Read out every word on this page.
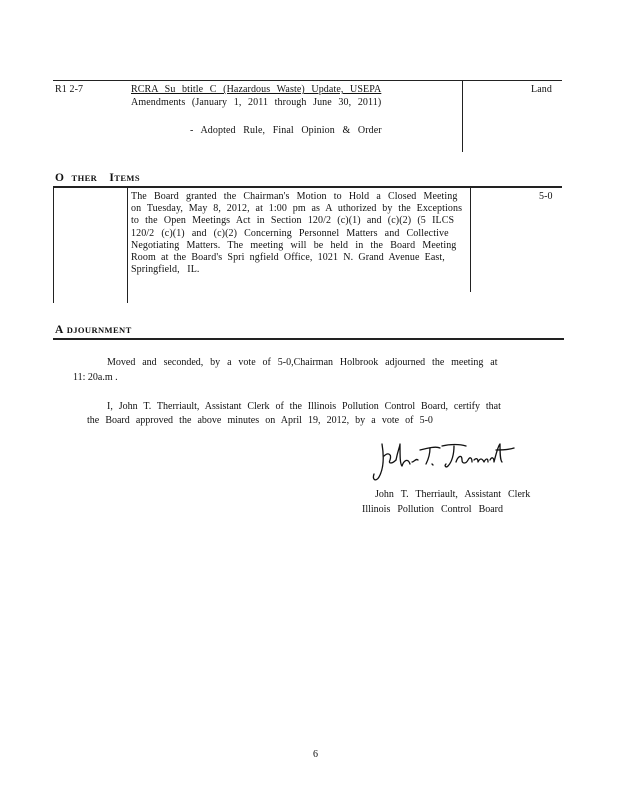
R1 2-7	RCRA Su btitle C (Hazardous Waste) Update, USEPA
Amendments (January 1, 2011 through June 30, 2011)
- Adopted Rule, Final Opinion & Order
Land
O THER ITEMS
The Board granted the Chairman's Motion to Hold a Closed Meeting
on Tuesday, May 8, 2012, at 1:00 pm as A uthorized by the Exceptions
to the Open Meetings Act in Section 120/2 (c)(1) and (c)(2) (5 ILCS
120/2 (c)(1) and (c)(2) Concerning Personnel Matters and Collective
Negotiating Matters. The meeting will be held in the Board Meeting
Room at the Board's Spri ngfield Office, 1021 N. Grand Avenue East,
Springfield, IL.
5-0
A DJOURNMENT
Moved and seconded, by a vote of 5-0,Chairman Holbrook adjourned the meeting at
11: 20a.m .
I, John T. Therriault, Assistant Clerk of the Illinois Pollution Control Board, certify that
the Board approved the above minutes on April 19, 2012, by a vote of 5-0
John T. Therriault, Assistant Clerk
Illinois Pollution Control Board
6
